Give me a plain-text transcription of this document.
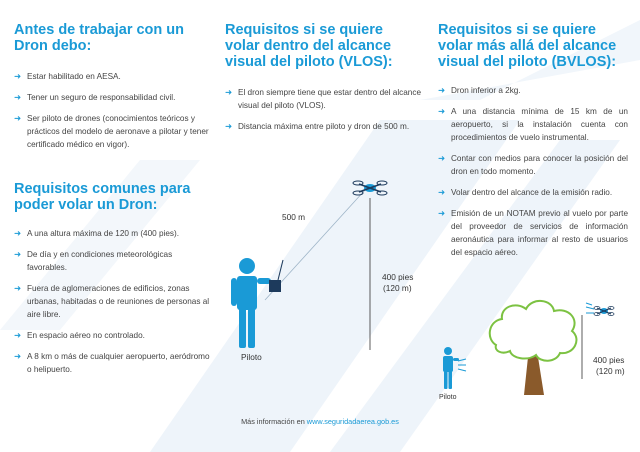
Antes de trabajar con un Dron debo:
➜ Estar habilitado en AESA.
➜ Tener un seguro de responsabilidad civil.
➜ Ser piloto de drones (conocimientos teóricos y prácticos del modelo de aeronave a pilotar y tener certificado médico en vigor).
Requisitos comunes para poder volar un Dron:
➜ A una altura máxima de 120 m (400 pies).
➜ De día y en condiciones meteorológicas favorables.
➜ Fuera de aglomeraciones de edificios, zonas urbanas, habitadas o de reuniones de personas al aire libre.
➜ En espacio aéreo no controlado.
➜ A 8 km o más de cualquier aeropuerto, aeródromo o helipuerto.
Requisitos si se quiere volar dentro del alcance visual del piloto (VLOS):
➜ El dron siempre tiene que estar dentro del alcance visual del piloto (VLOS).
➜ Distancia máxima entre piloto y dron de 500 m.
500 m
400 pies
(120 m)
Piloto
Requisitos si se quiere volar más allá del alcance visual del piloto (BVLOS):
➜ Dron inferior a 2kg.
➜ A una distancia mínima de 15 km de un aeropuerto, si la instalación cuenta con procedimientos de vuelo instrumental.
➜ Contar con medios para conocer la posición del dron en todo momento.
➜ Volar dentro del alcance de la emisión radio.
➜ Emisión de un NOTAM previo al vuelo por parte del proveedor de servicios de información aeronáutica para informar al resto de usuarios del espacio aéreo.
400 pies
(120 m)
Piloto
Más información en www.seguridadaerea.gob.es
